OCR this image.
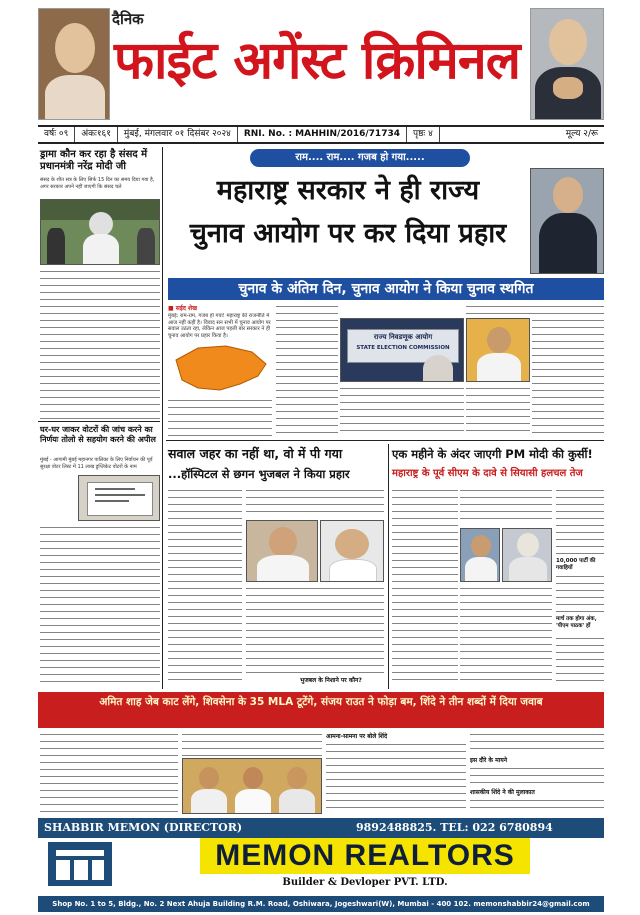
दैनिक
फाईट अगेंस्ट क्रिमिनल
वर्षः ०९	अंकः१६१	मुंबई, मंगलवार ०१ दिसंबर २०२४	RNI. No. : MAHHIN/2016/71734	पृष्ठः ४	मूल्य २/रू
ड्रामा कौन कर रहा है संसद में प्रधानमंत्री नरेंद्र मोदी जी
संसद के शीत सत्र के लिए सिर्फ 15 दिन का समय दिया गया है, अगर सरकार अपने नहीं जाएगी कि संसद चले
घर-घर जाकर वोटरों की जांच करने का निर्णयः तोलो से सहयोग करने की अपील
मुंबई - आगामी मुंबई महानगर पालिका के लिए निर्वाचन की पूर्व सुरक्षा वोटर लिस्ट में 11 लाख डुप्लिकेट वोटरों के नाम
राम.... राम.... गजब हो गया.....
महाराष्ट्र सरकार ने ही राज्य
चुनाव आयोग पर कर दिया प्रहार
चुनाव के अंतिम दिन, चुनाव आयोग ने किया चुनाव स्थगित
■ सईद शेख
मुंबई: राम-राम, गजब हो गया! महाराष्ट्र की राजनीति में आज नहीं कहीं है। विवाद सन सभी में चुनाव आयोग पर सवाल उठता रहा, लेकिन आज पहली बार सरकार ने ही चुनाव आयोग पर प्रहार किया है।	राज्य निवडणूक आयोग
STATE ELECTION COMMISSION
सवाल जहर का नहीं था, वो में पी गया
...हॉस्पिटल से छगन भुजबल ने किया प्रहार
भुजबल के निशाने पर कौन?
एक महीने के अंदर जाएगी PM मोदी की कुर्सी!
महाराष्ट्र के पूर्व सीएम के दावे से सियासी हलचल तेज
10,000 पार्टी की गवाहियों
मार्च तक होगा अंक, 'पीएम पाठक' हों
अमित शाह जेब काट लेंगे, शिवसेना के 35 MLA टूटेंगे, संजय राउत ने फोड़ा बम, शिंदे ने तीन शब्दों में दिया जवाब
आमना-सामना पर बोले शिंदे
इस दौरे के मायने
शासकीय शिंदे ने की मुलाकात
SHABBIR MEMON (DIRECTOR)	9892488825. TEL: 022 6780894
MEMON REALTORS
Builder & Devloper PVT. LTD.
Shop No. 1 to 5, Bldg., No. 2 Next Ahuja Building R.M. Road, Oshiwara, Jogeshwari(W), Mumbai - 400 102. memonshabbir24@gmail.com
